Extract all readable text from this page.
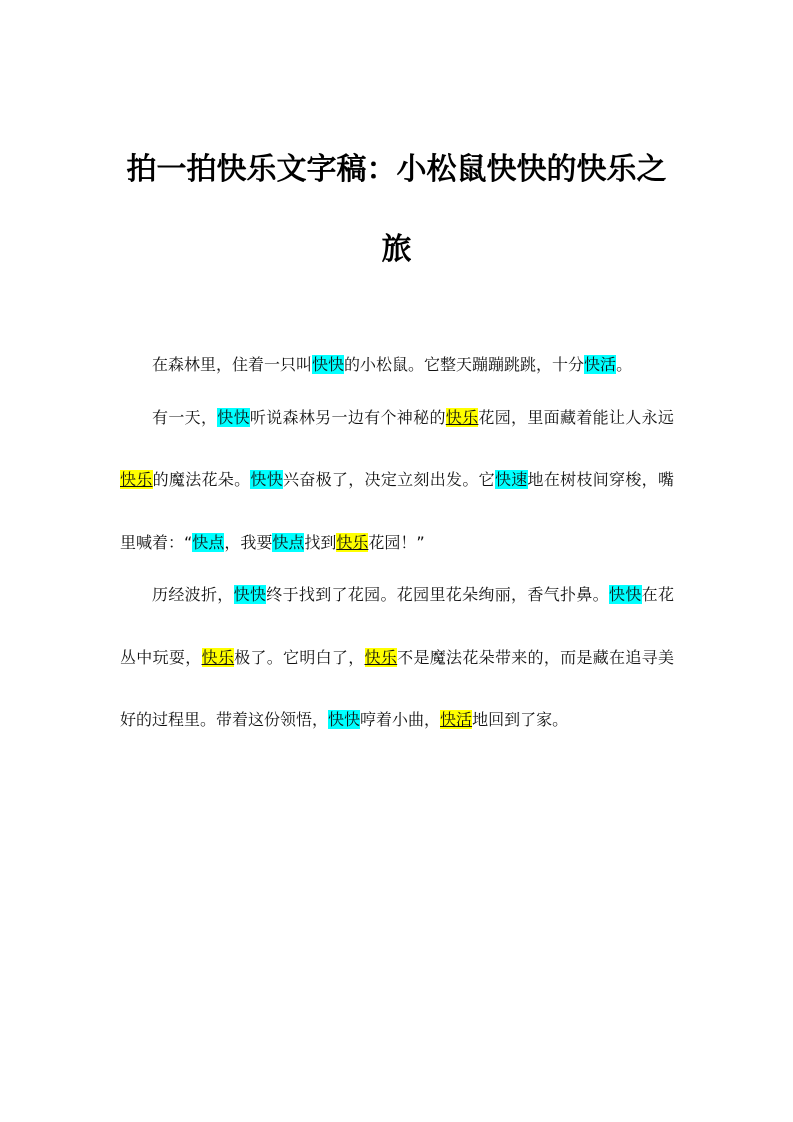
拍一拍快乐文字稿：小松鼠快快的快乐之
旅
在森林里，住着一只叫快快的小松鼠。它整天蹦蹦跳跳，十分快活。
有一天，快快听说森林另一边有个神秘的快乐花园，里面藏着能让人永远
快乐的魔法花朵。快快兴奋极了，决定立刻出发。它快速地在树枝间穿梭，嘴
里喊着：“快点，我要快点找到快乐花园！”
历经波折，快快终于找到了花园。花园里花朵绚丽，香气扑鼻。快快在花
丛中玩耍，快乐极了。它明白了，快乐不是魔法花朵带来的，而是藏在追寻美
好的过程里。带着这份领悟，快快哼着小曲，快活地回到了家。
